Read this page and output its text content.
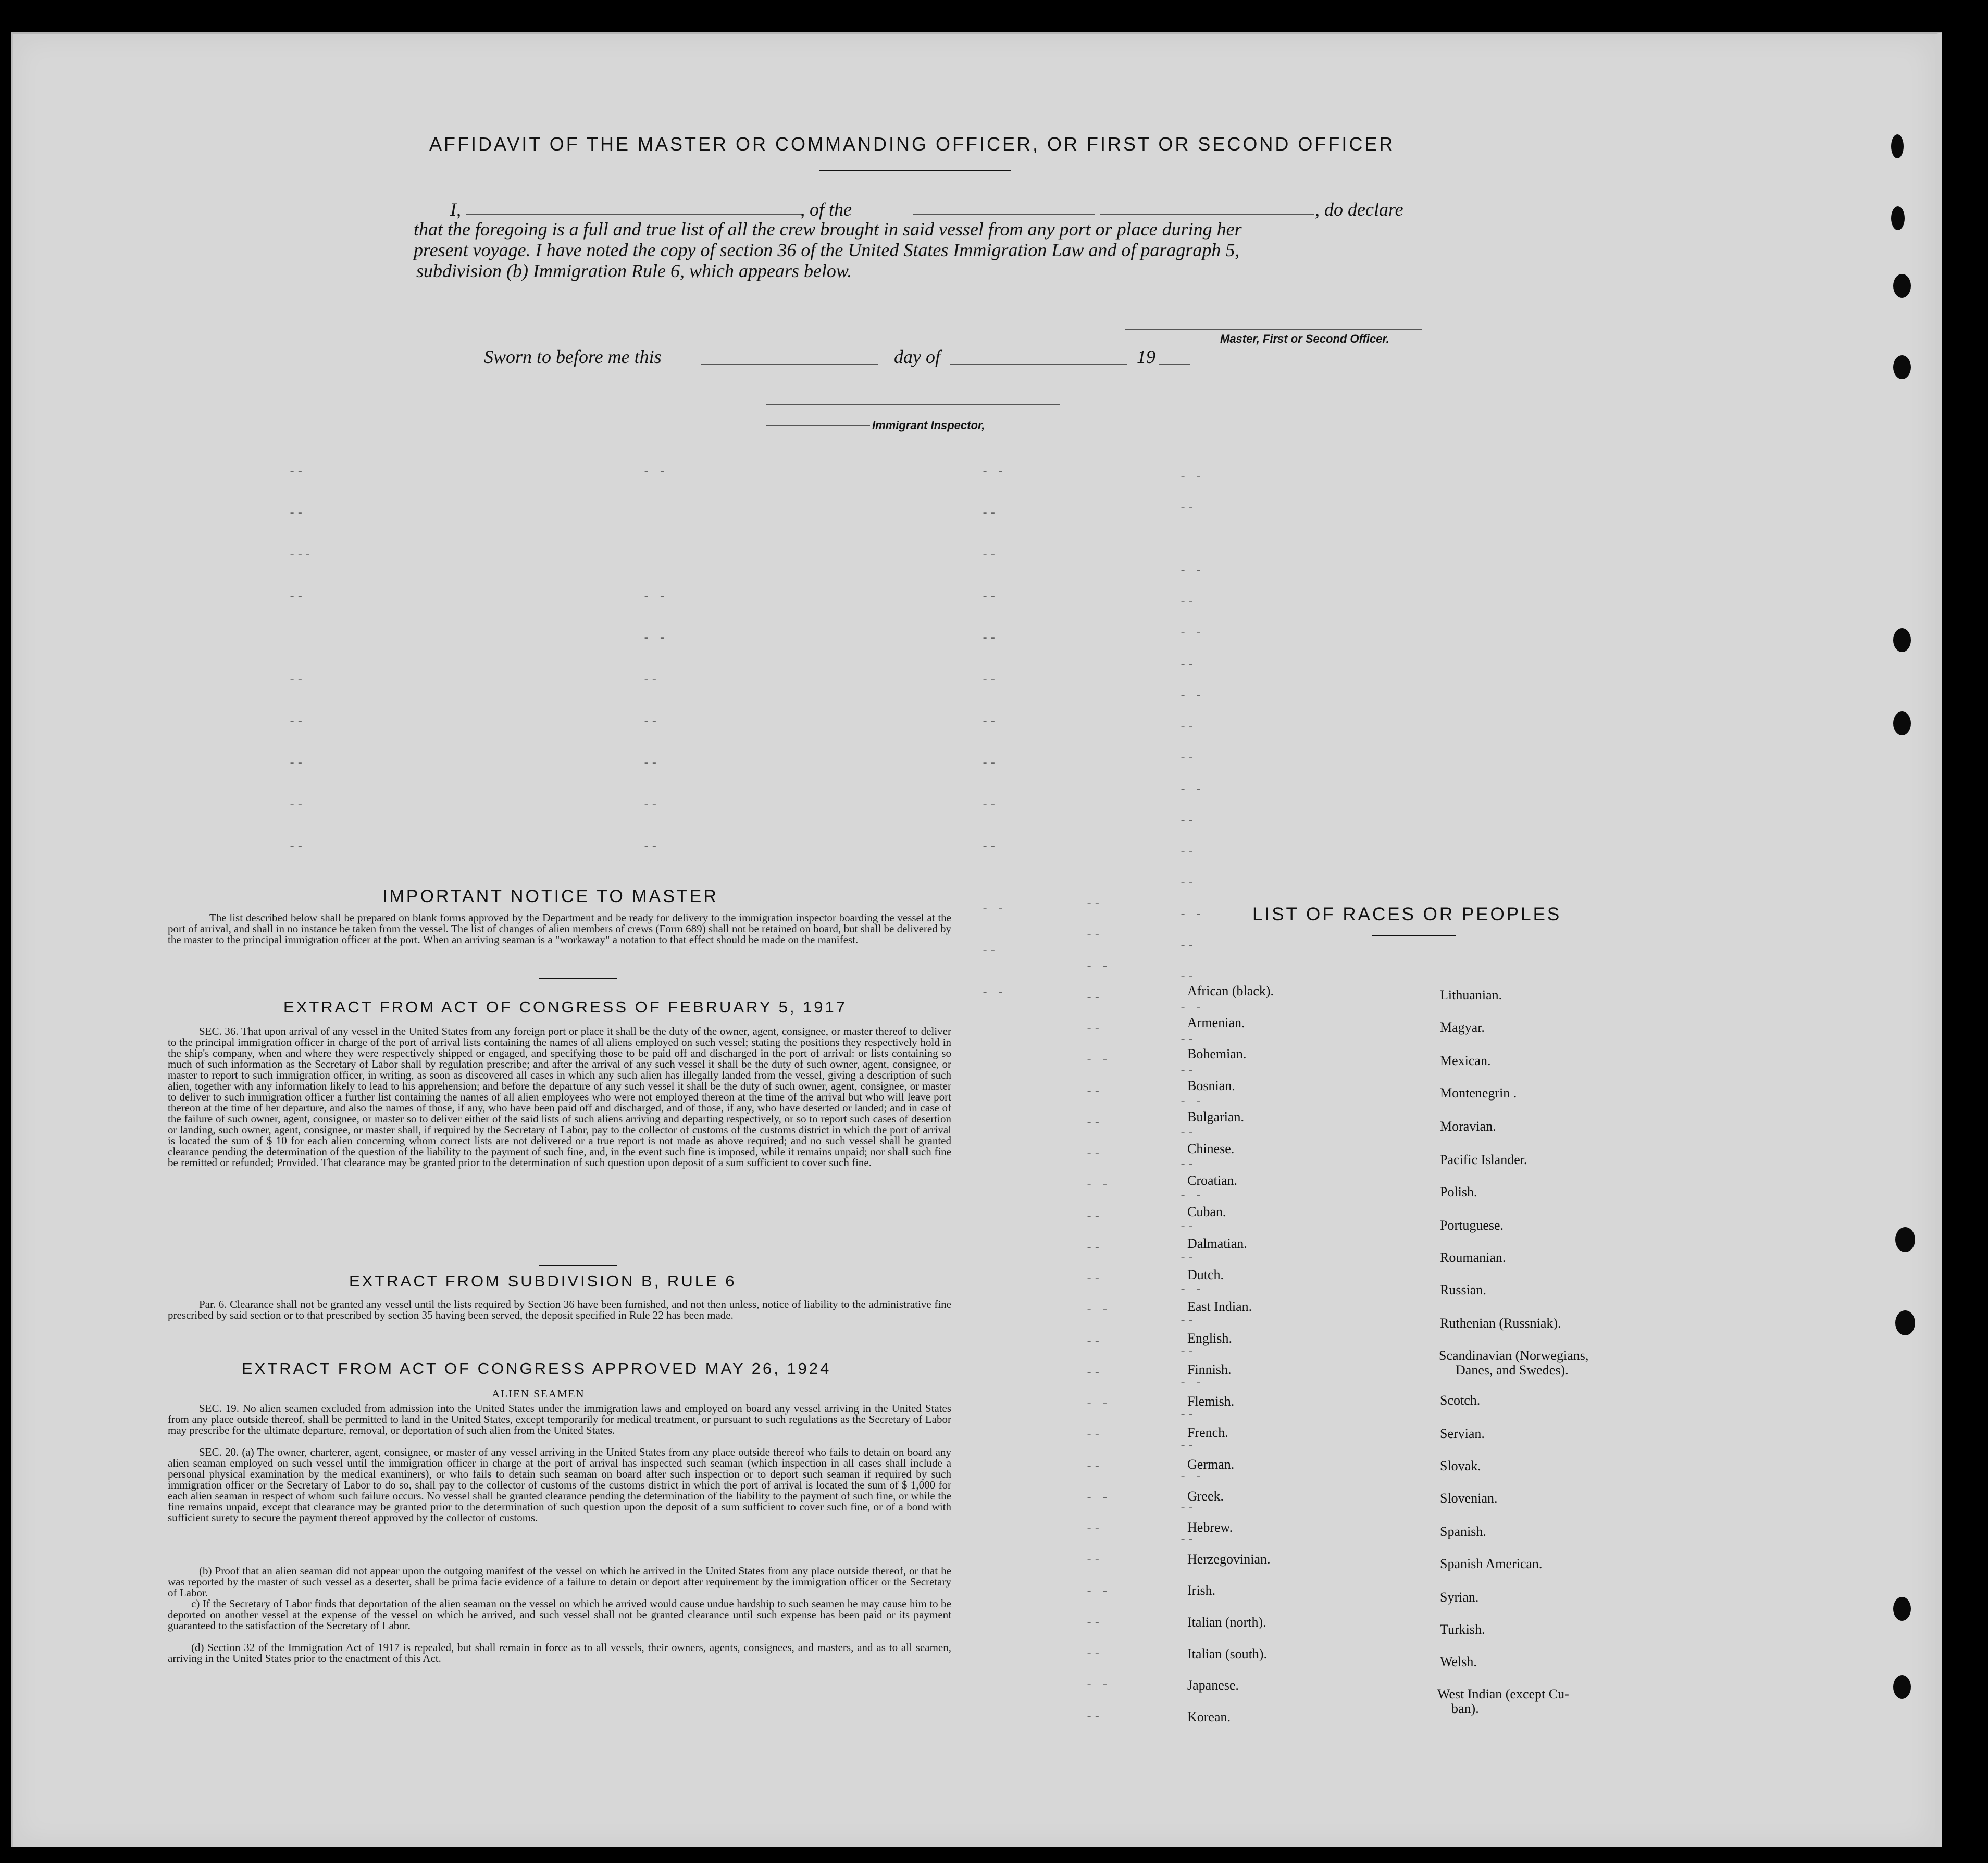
AFFIDAVIT OF THE MASTER OR COMMANDING OFFICER, OR FIRST OR SECOND OFFICER
I,	, of the	, do declare
that the foregoing is a full and true list of all the crew brought in said vessel from any port or place during her
present voyage. I have noted the copy of section 36 of the United States Immigration Law and of paragraph 5,
subdivision (b) Immigration Rule 6, which appears below.
Master, First or Second Officer.
Sworn to before me this	day of	19
Immigrant Inspector,
--
--
---
--

--
--
--
--
--
- -

- -
- -
--
--
--
--
--
- -
--
--
--
--
--
--
--
--
--
- -
--

- -
--
- -
--
- -
--
--
- -
--
--
--
- -
--
--
- -
--
--
- -
--
--
- -
--
--
- -
--
--
- -
--
--
- -
--
--
--
--
- -
--
--
- -
--
--
--
- -
--
--
--
- -
--
--
- -
--
--
- -
--
--
- -
--
--
- -
--
- -
--
- -
IMPORTANT NOTICE TO MASTER
The list described below shall be prepared on blank forms approved by the Department and be ready for delivery to the immigration inspector boarding the vessel at the port of arrival, and shall in no instance be taken from the vessel. The list of changes of alien members of crews (Form 689) shall not be retained on board, but shall be delivered by the master to the principal immigration officer at the port. When an arriving seaman is a "workaway" a notation to that effect should be made on the manifest.
EXTRACT FROM ACT OF CONGRESS OF FEBRUARY 5, 1917
SEC. 36. That upon arrival of any vessel in the United States from any foreign port or place it shall be the duty of the owner, agent, consignee, or master thereof to deliver to the principal immigration officer in charge of the port of arrival lists containing the names of all aliens employed on such vessel; stating the positions they respectively hold in the ship's company, when and where they were respectively shipped or engaged, and specifying those to be paid off and discharged in the port of arrival: or lists containing so much of such information as the Secretary of Labor shall by regulation prescribe; and after the arrival of any such vessel it shall be the duty of such owner, agent, consignee, or master to report to such immigration officer, in writing, as soon as discovered all cases in which any such alien has illegally landed from the vessel, giving a description of such alien, together with any information likely to lead to his apprehension; and before the departure of any such vessel it shall be the duty of such owner, agent, consignee, or master to deliver to such immigration officer a further list containing the names of all alien employees who were not employed thereon at the time of the arrival but who will leave port thereon at the time of her departure, and also the names of those, if any, who have been paid off and discharged, and of those, if any, who have deserted or landed; and in case of the failure of such owner, agent, consignee, or master so to deliver either of the said lists of such aliens arriving and departing respectively, or so to report such cases of desertion or landing, such owner, agent, consignee, or master shall, if required by the Secretary of Labor, pay to the collector of customs of the customs district in which the port of arrival is located the sum of $ 10 for each alien concerning whom correct lists are not delivered or a true report is not made as above required; and no such vessel shall be granted clearance pending the determination of the question of the liability to the payment of such fine, and, in the event such fine is imposed, while it remains unpaid; nor shall such fine be remitted or refunded; Provided. That clearance may be granted prior to the determination of such question upon deposit of a sum sufficient to cover such fine.
EXTRACT FROM SUBDIVISION B, RULE 6
Par. 6. Clearance shall not be granted any vessel until the lists required by Section 36 have been furnished, and not then unless, notice of liability to the administrative fine prescribed by said section or to that prescribed by section 35 having been served, the deposit specified in Rule 22 has been made.
EXTRACT FROM ACT OF CONGRESS APPROVED MAY 26, 1924
ALIEN SEAMEN
SEC. 19. No alien seamen excluded from admission into the United States under the immigration laws and employed on board any vessel arriving in the United States from any place outside thereof, shall be permitted to land in the United States, except temporarily for medical treatment, or pursuant to such regulations as the Secretary of Labor may prescribe for the ultimate departure, removal, or deportation of such alien from the United States.
SEC. 20. (a) The owner, charterer, agent, consignee, or master of any vessel arriving in the United States from any place outside thereof who fails to detain on board any alien seaman employed on such vessel until the immigration officer in charge at the port of arrival has inspected such seaman (which inspection in all cases shall include a personal physical examination by the medical examiners), or who fails to detain such seaman on board after such inspection or to deport such seaman if required by such immigration officer or the Secretary of Labor to do so, shall pay to the collector of customs of the customs district in which the port of arrival is located the sum of $ 1,000 for each alien seaman in respect of whom such failure occurs. No vessel shall be granted clearance pending the determination of the liability to the payment of such fine, or while the fine remains unpaid, except that clearance may be granted prior to the determination of such question upon the deposit of a sum sufficient to cover such fine, or of a bond with sufficient surety to secure the payment thereof approved by the collector of customs.
(b) Proof that an alien seaman did not appear upon the outgoing manifest of the vessel on which he arrived in the United States from any place outside thereof, or that he was reported by the master of such vessel as a deserter, shall be prima facie evidence of a failure to detain or deport after requirement by the immigration officer or the Secretary of Labor.
c) If the Secretary of Labor finds that deportation of the alien seaman on the vessel on which he arrived would cause undue hardship to such seamen he may cause him to be deported on another vessel at the expense of the vessel on which he arrived, and such vessel shall not be granted clearance until such expense has been paid or its payment guaranteed to the satisfaction of the Secretary of Labor.
(d) Section 32 of the Immigration Act of 1917 is repealed, but shall remain in force as to all vessels, their owners, agents, consignees, and masters, and as to all seamen, arriving in the United States prior to the enactment of this Act.
LIST OF RACES OR PEOPLES
African (black).
Armenian.
Bohemian.
Bosnian.
Bulgarian.
Chinese.
Croatian.
Cuban.
Dalmatian.
Dutch.
East Indian.
English.
Finnish.
Flemish.
French.
German.
Greek.
Hebrew.
Herzegovinian.
Irish.
Italian (north).
Italian (south).
Japanese.
Korean.
Lithuanian.
Magyar.
Mexican.
Montenegrin .
Moravian.
Pacific Islander.
Polish.
Portuguese.
Roumanian.
Russian.
Ruthenian (Russniak).
Scandinavian (Norwegians,
Danes, and Swedes).
Scotch.
Servian.
Slovak.
Slovenian.
Spanish.
Spanish American.
Syrian.
Turkish.
Welsh.
West Indian (except Cu-
ban).
